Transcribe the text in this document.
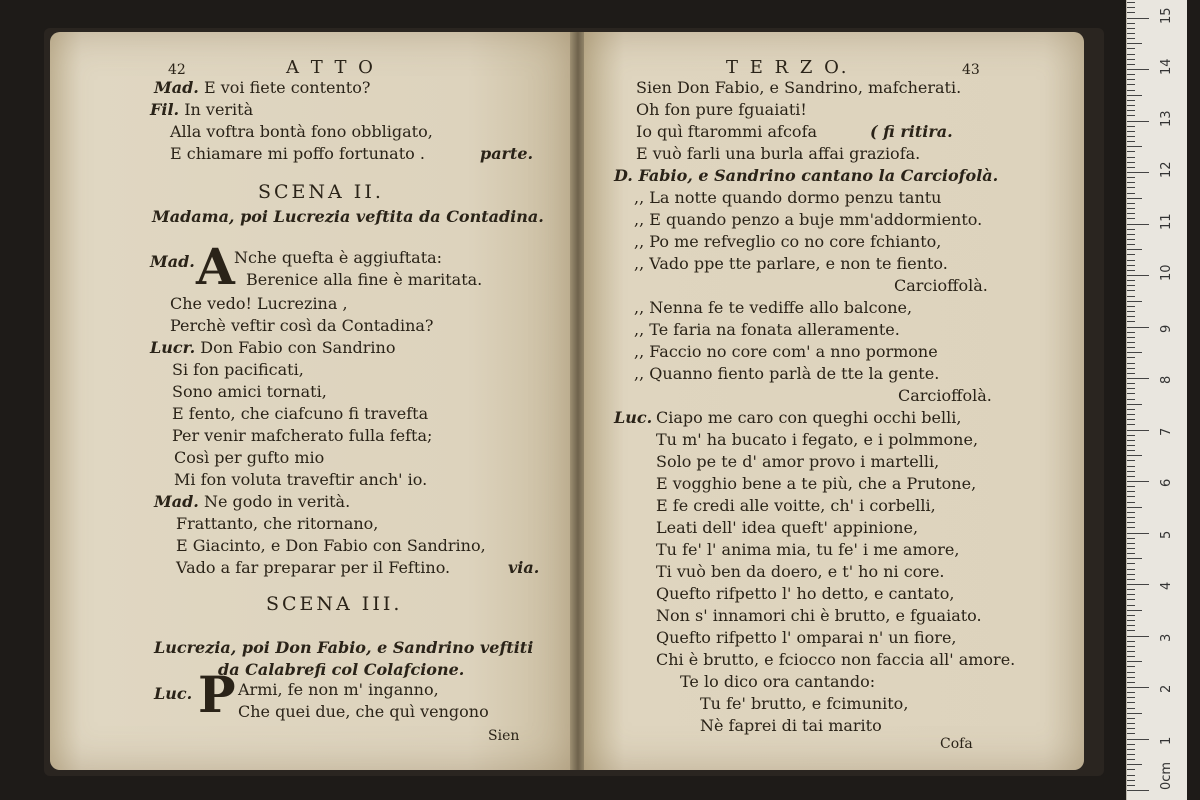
42	A T T O
Mad. E voi fiete contento?
Fil. In verità
Alla voftra bontà fono obbligato,
E chiamare mi poffo fortunato .	parte.
SCENA II.
Madama, poi Lucrezia veftita da Contadina.
Mad. A Nche quefta è aggiuftata:
Berenice alla fine è maritata.
Che vedo! Lucrezina ,
Perchè veftir così da Contadina?
Lucr. Don Fabio con Sandrino
Si fon pacificati,
Sono amici tornati,
E fento, che ciafcuno fi travefta
Per venir mafcherato fulla fefta;
Così per gufto mio
Mi fon voluta traveftir anch' io.
Mad. Ne godo in verità.
Frattanto, che ritornano,
E Giacinto, e Don Fabio con Sandrino,
Vado a far preparar per il Feftino.	via.
SCENA III.
Lucrezia, poi Don Fabio, e Sandrino veftiti
da Calabrefi col Colafcione.
Luc. P Armi, fe non m' inganno,
Che quei due, che quì vengono
Sien
T E R Z O.	43
Sien Don Fabio, e Sandrino, mafcherati.
Oh fon pure fguaiati!
Io quì ftarommi afcofa	( fi ritira.
E vuò farli una burla affai graziofa.
D. Fabio, e Sandrino cantano la Carciofolà.
,, La notte quando dormo penzu tantu
,, E quando penzo a buje mm'addormiento.
,, Po me refveglio co no core fchianto,
,, Vado ppe tte parlare, e non te fiento.
Carcioffolà.
,, Nenna fe te vediffe allo balcone,
,, Te faria na fonata alleramente.
,, Faccio no core com' a nno pormone
,, Quanno fiento parlà de tte la gente.
Carcioffolà.
Luc. Ciapo me caro con queghi occhi belli,
Tu m' ha bucato i fegato, e i polmmone,
Solo pe te d' amor provo i martelli,
E vogghio bene a te più, che a Prutone,
E fe credi alle voitte, ch' i corbelli,
Leati dell' idea queft' appinione,
Tu fe' l' anima mia, tu fe' i me amore,
Ti vuò ben da doero, e t' ho ni core.
Quefto rifpetto l' ho detto, e cantato,
Non s' innamori chi è brutto, e fguaiato.
Quefto rifpetto l' omparai n' un fiore,
Chi è brutto, e fcioccо non faccia all' amore.
Te lo dico ora cantando:
Tu fe' brutto, e fcimunito,
Nè faprei di tai marito
Cofa
0cm
1
2
3
4
5
6
7
8
9
10
11
12
13
14
15
